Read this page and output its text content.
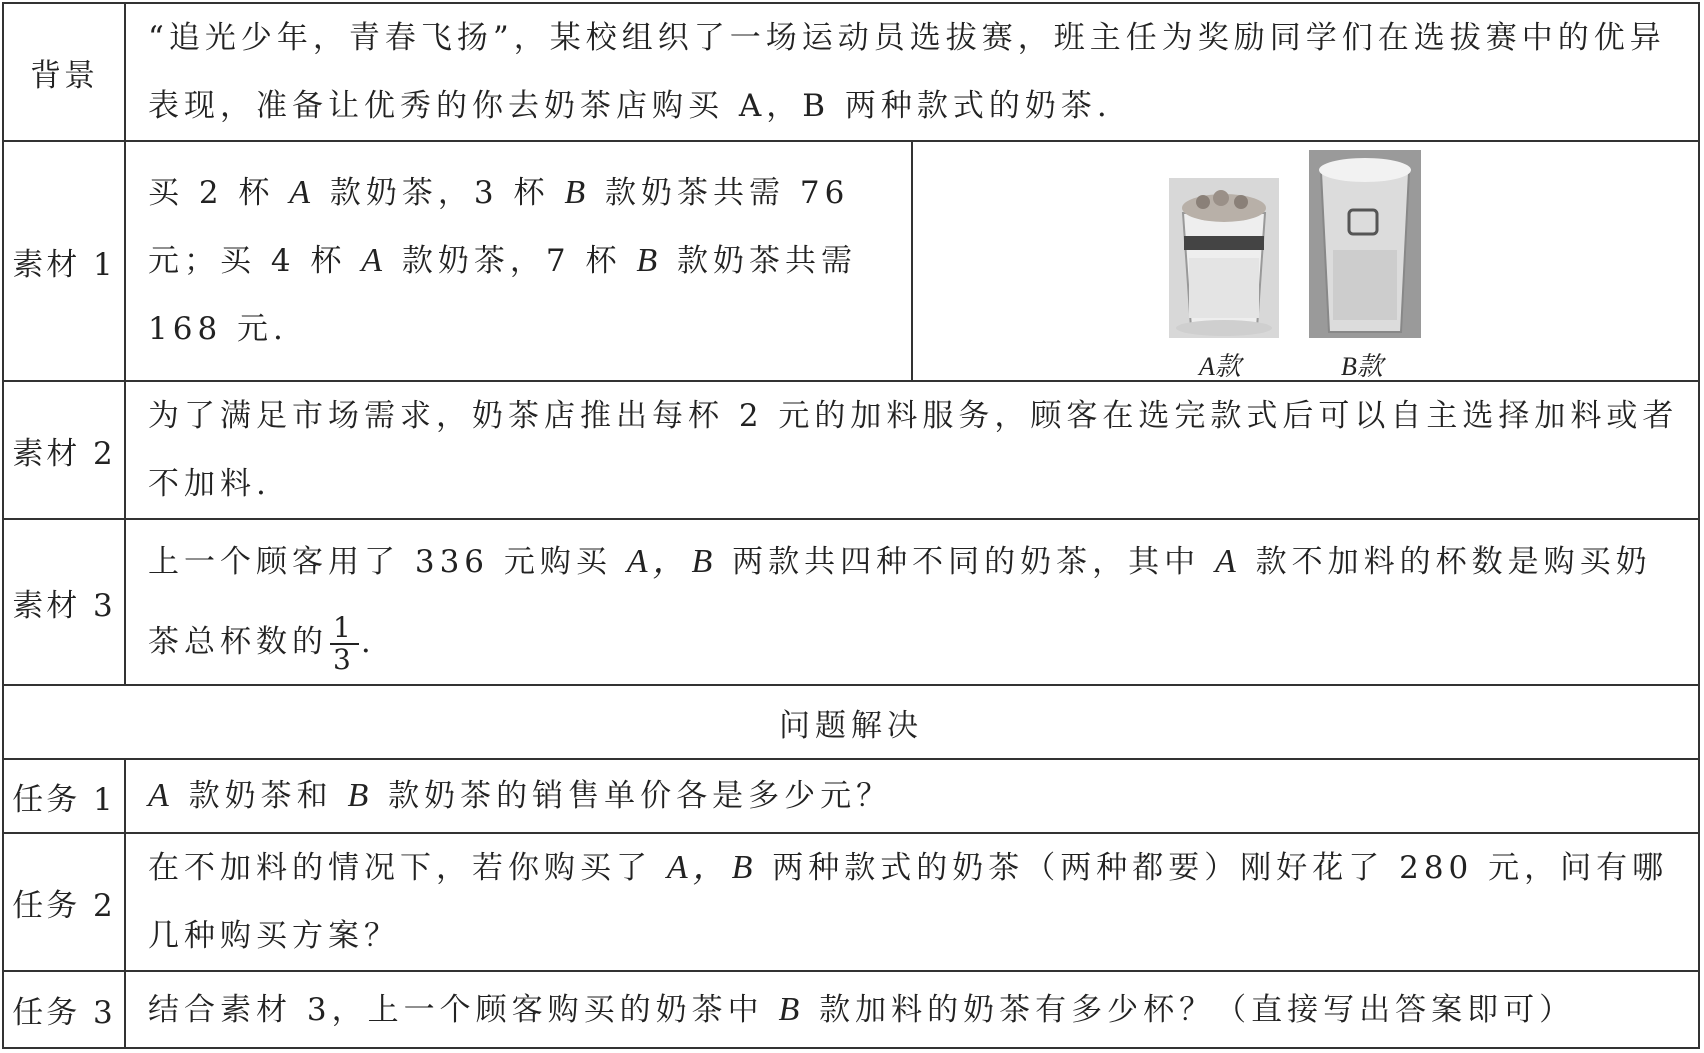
背景	“追光少年，青春飞扬”，某校组织了一场运动员选拔赛，班主任为奖励同学们在选拔赛中的优异表现，准备让优秀的你去奶茶店购买 A，B 两种款式的奶茶.	
素材 1	买 2 杯 A 款奶茶，3 杯 B 款奶茶共需 76 元；买 4 杯 A 款奶茶，7 杯 B 款奶茶共需 168 元.	A款 B款

素材 2	为了满足市场需求，奶茶店推出每杯 2 元的加料服务，顾客在选完款式后可以自主选择加料或者不加料.	
素材 3	上一个顾客用了 336 元购买 A，B 两款共四种不同的奶茶，其中 A 款不加料的杯数是购买奶茶总杯数的 $\frac{1}{3}$ .	
问题解决		
任务 1	A 款奶茶和 B 款奶茶的销售单价各是多少元？	
任务 2	在不加料的情况下，若你购买了 A，B 两种款式的奶茶（两种都要）刚好花了 280 元，问有哪几种购买方案？	
任务 3	结合素材 3，上一个顾客购买的奶茶中 B 款加料的奶茶有多少杯？（直接写出答案即可）	
